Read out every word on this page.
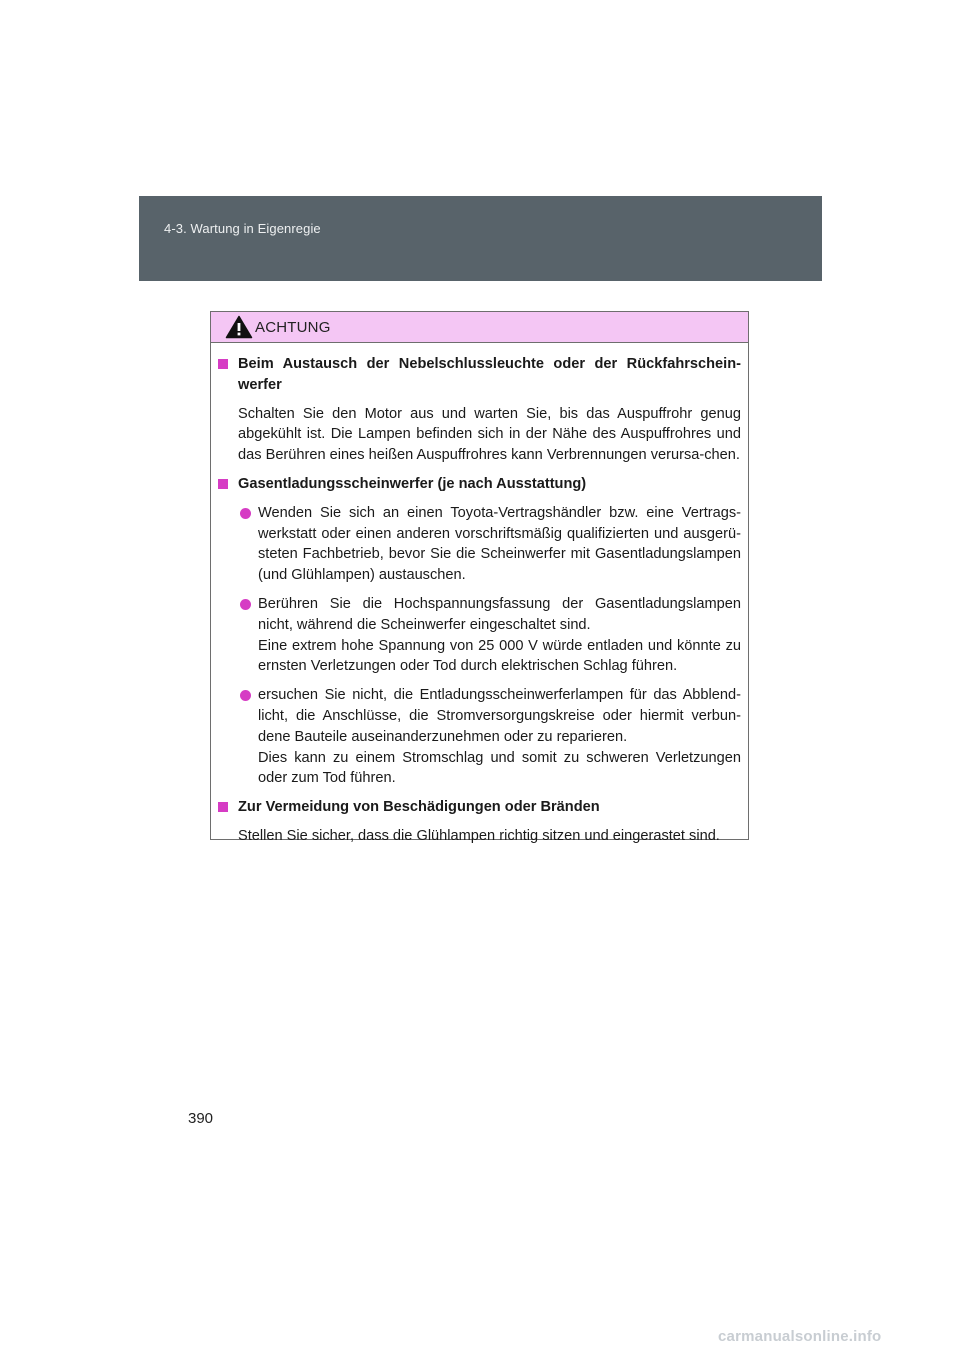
4-3. Wartung in Eigenregie
ACHTUNG
Beim Austausch der Nebelschlussleuchte oder der Rückfahrschein-werfer

Schalten Sie den Motor aus und warten Sie, bis das Auspuffrohr genug abgekühlt ist. Die Lampen befinden sich in der Nähe des Auspuffrohres und das Berühren eines heißen Auspuffrohres kann Verbrennungen verursa-chen.

Gasentladungsscheinwerfer (je nach Ausstattung)

Wenden Sie sich an einen Toyota-Vertragshändler bzw. eine Vertrags-werkstatt oder einen anderen vorschriftsmäßig qualifizierten und ausgerü-steten Fachbetrieb, bevor Sie die Scheinwerfer mit Gasentladungslampen (und Glühlampen) austauschen.

Berühren Sie die Hochspannungsfassung der Gasentladungslampen nicht, während die Scheinwerfer eingeschaltet sind.

Eine extrem hohe Spannung von 25 000 V würde entladen und könnte zu ernsten Verletzungen oder Tod durch elektrischen Schlag führen.

ersuchen Sie nicht, die Entladungsscheinwerferlampen für das Abblend-licht, die Anschlüsse, die Stromversorgungskreise oder hiermit verbun-dene Bauteile auseinanderzunehmen oder zu reparieren.

Dies kann zu einem Stromschlag und somit zu schweren Verletzungen oder zum Tod führen.

Zur Vermeidung von Beschädigungen oder Bränden

Stellen Sie sicher, dass die Glühlampen richtig sitzen und eingerastet sind.

390
carmanualsonline.info
